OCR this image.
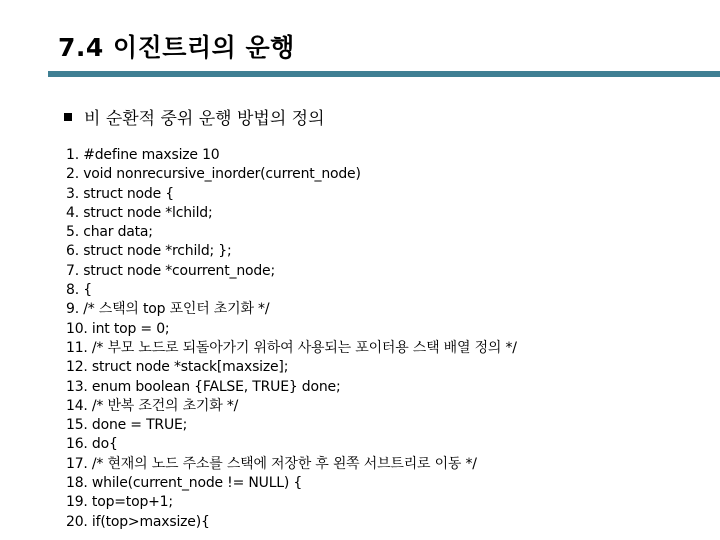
7.4 이진트리의 운행
비 순환적 중위 운행 방법의 정의
1. #define maxsize 10
2. void nonrecursive_inorder(current_node)
3. struct node {
4. struct node *lchild;
5. char data;
6. struct node *rchild; };
7. struct node *courrent_node;
8. {
9. /* 스택의 top 포인터 초기화 */
10. int top = 0;
11. /* 부모 노드로 되돌아가기 위하여 사용되는 포이터용 스택 배열 정의 */
12. struct node *stack[maxsize];
13. enum boolean {FALSE, TRUE} done;
14. /* 반복 조건의 초기화 */
15. done = TRUE;
16. do{
17. /* 현재의 노드 주소를 스택에 저장한 후 왼쪽 서브트리로 이동 */
18. while(current_node != NULL) {
19. top=top+1;
20. if(top>maxsize){
